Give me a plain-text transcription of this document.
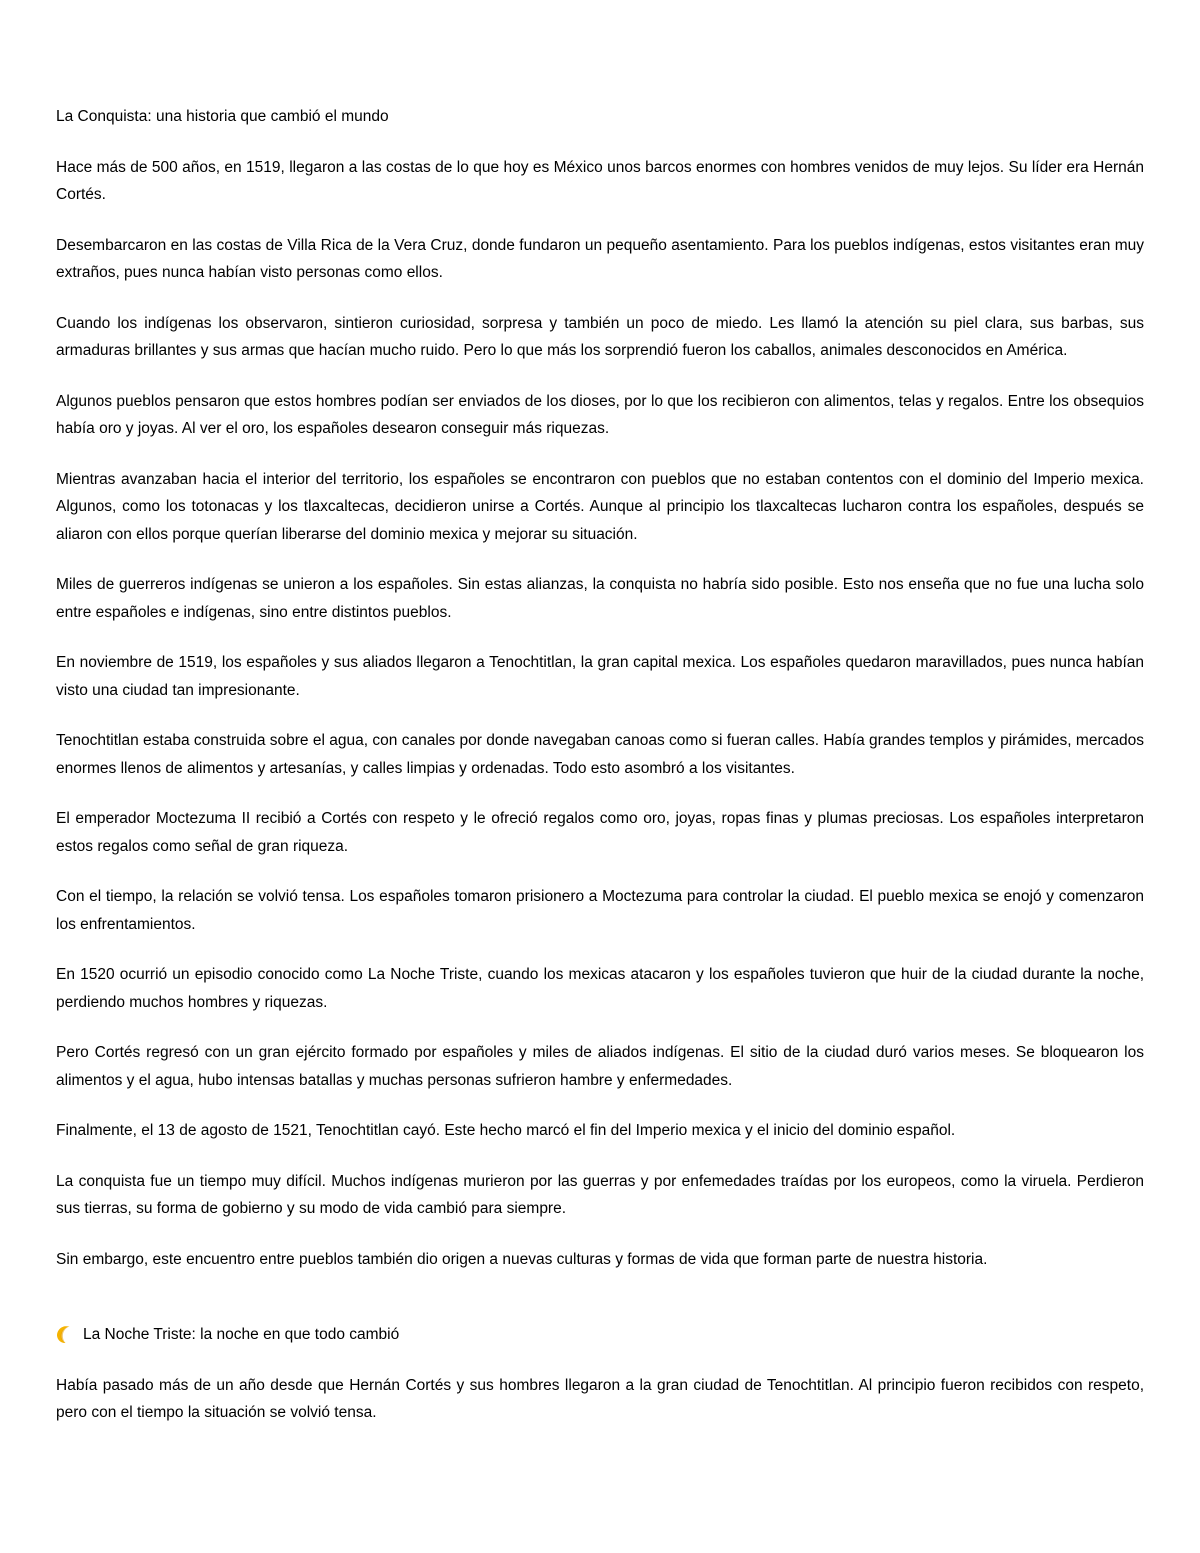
La Conquista: una historia que cambió el mundo

Hace más de 500 años, en 1519, llegaron a las costas de lo que hoy es México unos barcos enormes con hombres venidos de muy lejos. Su líder era Hernán Cortés.

Desembarcaron en las costas de Villa Rica de la Vera Cruz, donde fundaron un pequeño asentamiento. Para los pueblos indígenas, estos visitantes eran muy extraños, pues nunca habían visto personas como ellos.

Cuando los indígenas los observaron, sintieron curiosidad, sorpresa y también un poco de miedo. Les llamó la atención su piel clara, sus barbas, sus armaduras brillantes y sus armas que hacían mucho ruido. Pero lo que más los sorprendió fueron los caballos, animales desconocidos en América.

Algunos pueblos pensaron que estos hombres podían ser enviados de los dioses, por lo que los recibieron con alimentos, telas y regalos. Entre los obsequios había oro y joyas. Al ver el oro, los españoles desearon conseguir más riquezas.

Mientras avanzaban hacia el interior del territorio, los españoles se encontraron con pueblos que no estaban contentos con el dominio del Imperio mexica. Algunos, como los totonacas y los tlaxcaltecas, decidieron unirse a Cortés. Aunque al principio los tlaxcaltecas lucharon contra los españoles, después se aliaron con ellos porque querían liberarse del dominio mexica y mejorar su situación.

Miles de guerreros indígenas se unieron a los españoles. Sin estas alianzas, la conquista no habría sido posible. Esto nos enseña que no fue una lucha solo entre españoles e indígenas, sino entre distintos pueblos.

En noviembre de 1519, los españoles y sus aliados llegaron a Tenochtitlan, la gran capital mexica. Los españoles quedaron maravillados, pues nunca habían visto una ciudad tan impresionante.

Tenochtitlan estaba construida sobre el agua, con canales por donde navegaban canoas como si fueran calles. Había grandes templos y pirámides, mercados enormes llenos de alimentos y artesanías, y calles limpias y ordenadas. Todo esto asombró a los visitantes.

El emperador Moctezuma II recibió a Cortés con respeto y le ofreció regalos como oro, joyas, ropas finas y plumas preciosas. Los españoles interpretaron estos regalos como señal de gran riqueza.

Con el tiempo, la relación se volvió tensa. Los españoles tomaron prisionero a Moctezuma para controlar la ciudad. El pueblo mexica se enojó y comenzaron los enfrentamientos.

En 1520 ocurrió un episodio conocido como La Noche Triste, cuando los mexicas atacaron y los españoles tuvieron que huir de la ciudad durante la noche, perdiendo muchos hombres y riquezas.

Pero Cortés regresó con un gran ejército formado por españoles y miles de aliados indígenas. El sitio de la ciudad duró varios meses. Se bloquearon los alimentos y el agua, hubo intensas batallas y muchas personas sufrieron hambre y enfermedades.

Finalmente, el 13 de agosto de 1521, Tenochtitlan cayó. Este hecho marcó el fin del Imperio mexica y el inicio del dominio español.

La conquista fue un tiempo muy difícil. Muchos indígenas murieron por las guerras y por enfemedades traídas por los europeos, como la viruela. Perdieron sus tierras, su forma de gobierno y su modo de vida cambió para siempre.

Sin embargo, este encuentro entre pueblos también dio origen a nuevas culturas y formas de vida que forman parte de nuestra historia.

La Noche Triste: la noche en que todo cambió

Había pasado más de un año desde que Hernán Cortés y sus hombres llegaron a la gran ciudad de Tenochtitlan. Al principio fueron recibidos con respeto, pero con el tiempo la situación se volvió tensa.
